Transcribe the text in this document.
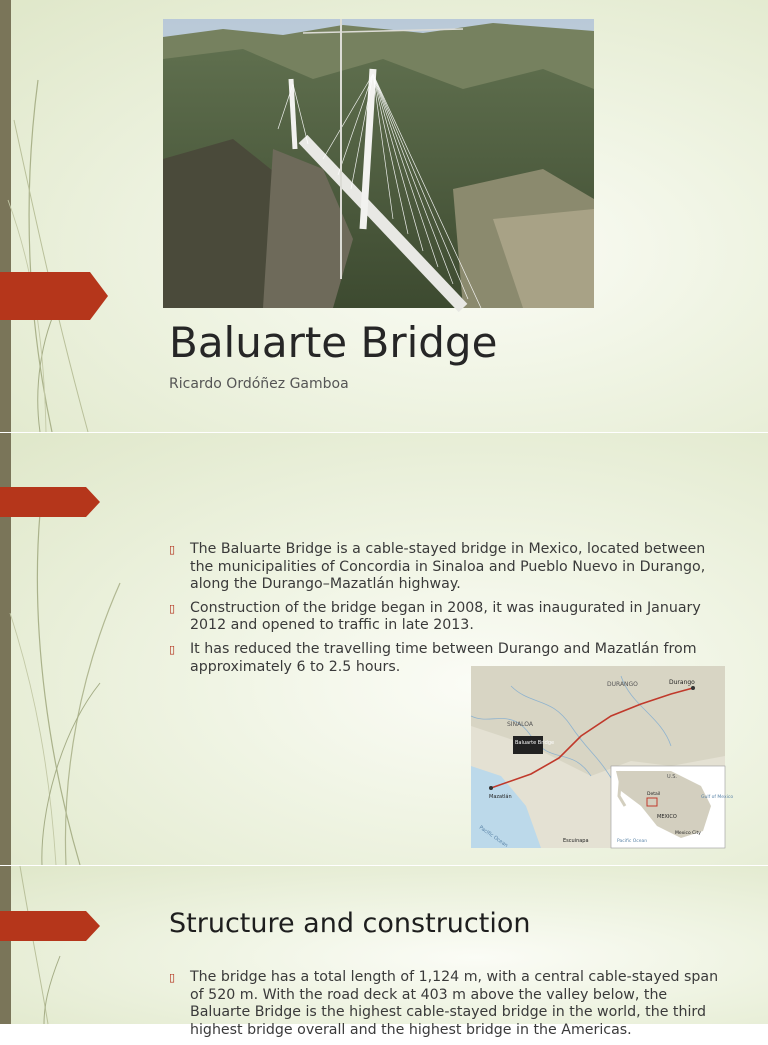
Baluarte Bridge
Ricardo Ordóñez Gamboa
▯ The Baluarte Bridge is a cable-stayed bridge in Mexico, located between the municipalities of Concordia in Sinaloa and Pueblo Nuevo in Durango, along the Durango–Mazatlán highway.
▯ Construction of the bridge began in 2008, it was inaugurated in January 2012 and opened to traffic in late 2013.
▯ It has reduced the travelling time between Durango and Mazatlán from approximately 6 to 2.5 hours.
DURANGO	Durango
SINALOA
Baluarte Bridge
Mazatlán
Pacific Ocean	Escuinapa
U.S.
MEXICO
Gulf of Mexico
Mexico City
Detail
Pacific Ocean
Structure and construction
▯ The bridge has a total length of 1,124 m, with a central cable-stayed span of 520 m. With the road deck at 403 m above the valley below, the Baluarte Bridge is the highest cable-stayed bridge in the world, the third highest bridge overall and the highest bridge in the Americas.
